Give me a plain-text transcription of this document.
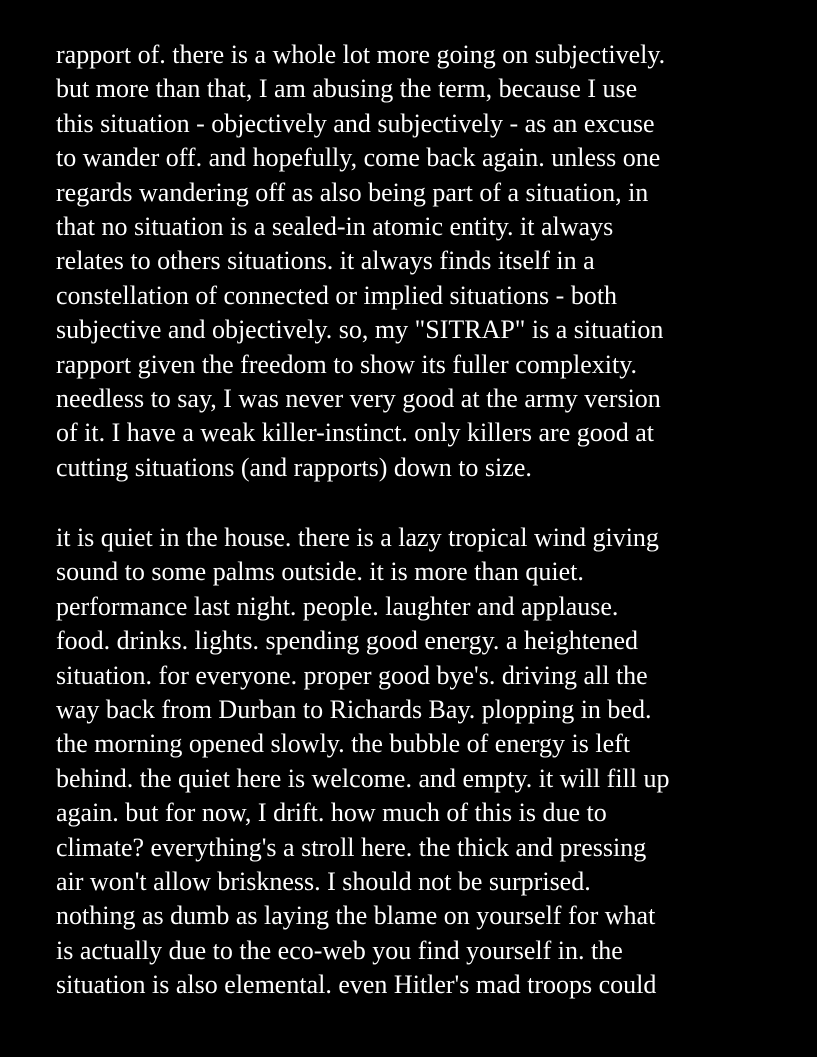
rapport of. there is a whole lot more going on subjectively.
but more than that, I am abusing the term, because I use
this situation - objectively and subjectively - as an excuse
to wander off. and hopefully, come back again. unless one
regards wandering off as also being part of a situation, in
that no situation is a sealed-in atomic entity. it always
relates to others situations. it always finds itself in a
constellation of connected or implied situations - both
subjective and objectively. so, my "SITRAP" is a situation
rapport given the freedom to show its fuller complexity.
needless to say, I was never very good at the army version
of it. I have a weak killer-instinct. only killers are good at
cutting situations (and rapports) down to size.
it is quiet in the house. there is a lazy tropical wind giving
sound to some palms outside. it is more than quiet.
performance last night. people. laughter and applause.
food. drinks. lights. spending good energy. a heightened
situation. for everyone. proper good bye's. driving all the
way back from Durban to Richards Bay. plopping in bed.
the morning opened slowly. the bubble of energy is left
behind. the quiet here is welcome. and empty. it will fill up
again. but for now, I drift. how much of this is due to
climate? everything's a stroll here. the thick and pressing
air won't allow briskness. I should not be surprised.
nothing as dumb as laying the blame on yourself for what
is actually due to the eco-web you find yourself in. the
situation is also elemental. even Hitler's mad troops could
